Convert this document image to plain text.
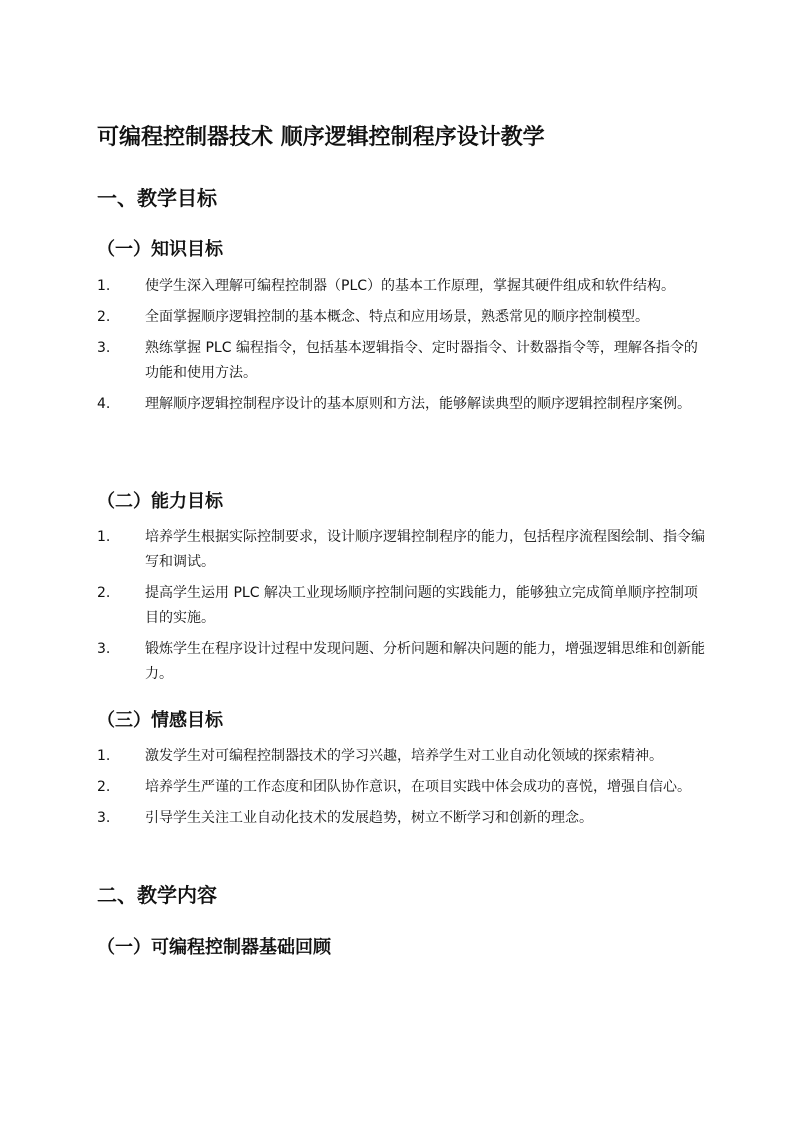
可编程控制器技术 顺序逻辑控制程序设计教学
一、教学目标
（一）知识目标
1.	使学生深入理解可编程控制器（PLC）的基本工作原理，掌握其硬件组成和软件结构。
2.	全面掌握顺序逻辑控制的基本概念、特点和应用场景，熟悉常见的顺序控制模型。
3.	熟练掌握 PLC 编程指令，包括基本逻辑指令、定时器指令、计数器指令等，理解各指令的功能和使用方法。
4.	理解顺序逻辑控制程序设计的基本原则和方法，能够解读典型的顺序逻辑控制程序案例。
（二）能力目标
1.	培养学生根据实际控制要求，设计顺序逻辑控制程序的能力，包括程序流程图绘制、指令编写和调试。
2.	提高学生运用 PLC 解决工业现场顺序控制问题的实践能力，能够独立完成简单顺序控制项目的实施。
3.	锻炼学生在程序设计过程中发现问题、分析问题和解决问题的能力，增强逻辑思维和创新能力。
（三）情感目标
1.	激发学生对可编程控制器技术的学习兴趣，培养学生对工业自动化领域的探索精神。
2.	培养学生严谨的工作态度和团队协作意识，在项目实践中体会成功的喜悦，增强自信心。
3.	引导学生关注工业自动化技术的发展趋势，树立不断学习和创新的理念。
二、教学内容
（一）可编程控制器基础回顾
